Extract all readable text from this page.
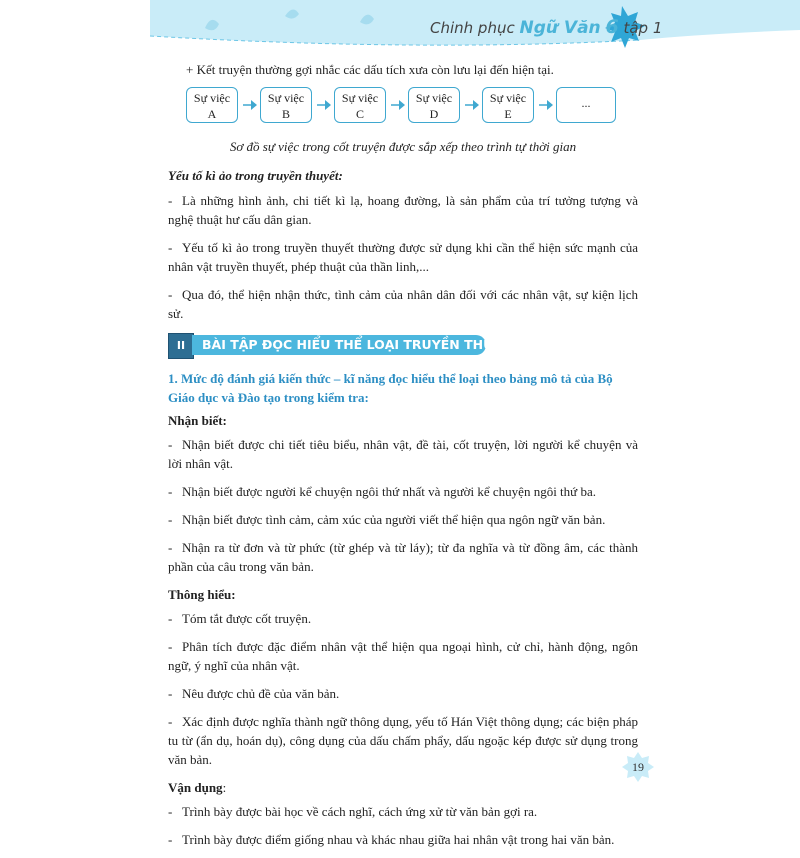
Chinh phục Ngữ Văn 6 tập 1

+ Kết truyện thường gợi nhắc các dấu tích xưa còn lưu lại đến hiện tại.

Sự việc
A
Sự việc
B
Sự việc
C
Sự việc
D
Sự việc
E
...

Sơ đồ sự việc trong cốt truyện được sắp xếp theo trình tự thời gian

Yếu tố kì ảo trong truyền thuyết:

- Là những hình ảnh, chi tiết kì lạ, hoang đường, là sản phẩm của trí tưởng tượng và nghệ thuật hư cấu dân gian.

- Yếu tố kì ảo trong truyền thuyết thường được sử dụng khi cần thể hiện sức mạnh của nhân vật truyền thuyết, phép thuật của thần linh,...

- Qua đó, thể hiện nhận thức, tình cảm của nhân dân đối với các nhân vật, sự kiện lịch sử.

II	BÀI TẬP ĐỌC HIỂU THỂ LOẠI TRUYỀN THUYẾT

1. Mức độ đánh giá kiến thức – kĩ năng đọc hiểu thể loại theo bảng mô tả của Bộ Giáo dục và Đào tạo trong kiểm tra:

Nhận biết:

- Nhận biết được chi tiết tiêu biểu, nhân vật, đề tài, cốt truyện, lời người kể chuyện và lời nhân vật.

- Nhận biết được người kể chuyện ngôi thứ nhất và người kể chuyện ngôi thứ ba.

- Nhận biết được tình cảm, cảm xúc của người viết thể hiện qua ngôn ngữ văn bản.

- Nhận ra từ đơn và từ phức (từ ghép và từ láy); từ đa nghĩa và từ đồng âm, các thành phần của câu trong văn bản.

Thông hiểu:

- Tóm tắt được cốt truyện.

- Phân tích được đặc điểm nhân vật thể hiện qua ngoại hình, cử chỉ, hành động, ngôn ngữ, ý nghĩ của nhân vật.

- Nêu được chủ đề của văn bản.

- Xác định được nghĩa thành ngữ thông dụng, yếu tố Hán Việt thông dụng; các biện pháp tu từ (ẩn dụ, hoán dụ), công dụng của dấu chấm phẩy, dấu ngoặc kép được sử dụng trong văn bản.

Vận dụng:

- Trình bày được bài học về cách nghĩ, cách ứng xử từ văn bản gợi ra.

- Trình bày được điểm giống nhau và khác nhau giữa hai nhân vật trong hai văn bản.

19
